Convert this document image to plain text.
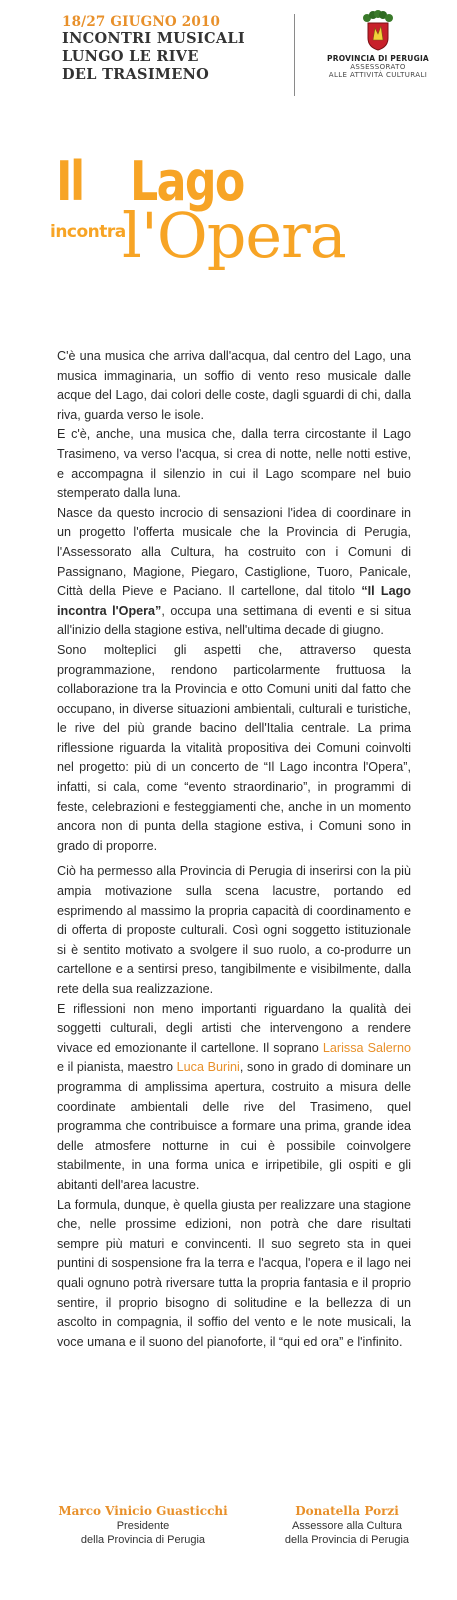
18/27 GIUGNO 2010
INCONTRI MUSICALI
LUNGO LE RIVE
DEL TRASIMENO
PROVINCIA DI PERUGIA
ASSESSORATO
ALLE ATTIVITÀ CULTURALI
Il Lago
incontra
l'Opera

C'è una musica che arriva dall'acqua, dal centro del Lago, una musica immaginaria, un soffio di vento reso musicale dalle acque del Lago, dai colori delle coste, dagli sguardi di chi, dalla riva, guarda verso le isole.

E c'è, anche, una musica che, dalla terra circostante il Lago Trasimeno, va verso l'acqua, si crea di notte, nelle notti estive, e accompagna il silenzio in cui il Lago scompare nel buio stemperato dalla luna.

Nasce da questo incrocio di sensazioni l'idea di coordinare in un progetto l'offerta musicale che la Provincia di Perugia, l'Assessorato alla Cultura, ha costruito con i Comuni di Passignano, Magione, Piegaro, Castiglione, Tuoro, Panicale, Città della Pieve e Paciano. Il cartellone, dal titolo “Il Lago incontra l'Opera”, occupa una settimana di eventi e si situa all'inizio della stagione estiva, nell'ultima decade di giugno.

Sono molteplici gli aspetti che, attraverso questa programmazione, rendono particolarmente fruttuosa la collaborazione tra la Provincia e otto Comuni uniti dal fatto che occupano, in diverse situazioni ambientali, culturali e turistiche, le rive del più grande bacino dell'Italia centrale. La prima riflessione riguarda la vitalità propositiva dei Comuni coinvolti nel progetto: più di un concerto de “Il Lago incontra l'Opera”, infatti, si cala, come “evento straordinario”, in programmi di feste, celebrazioni e festeggiamenti che, anche in un momento ancora non di punta della stagione estiva, i Comuni sono in grado di proporre.

Ciò ha permesso alla Provincia di Perugia di inserirsi con la più ampia motivazione sulla scena lacustre, portando ed esprimendo al massimo la propria capacità di coordinamento e di offerta di proposte culturali. Così ogni soggetto istituzionale si è sentito motivato a svolgere il suo ruolo, a co-produrre un cartellone e a sentirsi preso, tangibilmente e visibilmente, dalla rete della sua realizzazione.

E riflessioni non meno importanti riguardano la qualità dei soggetti culturali, degli artisti che intervengono a rendere vivace ed emozionante il cartellone. Il soprano Larissa Salerno e il pianista, maestro Luca Burini, sono in grado di dominare un programma di amplissima apertura, costruito a misura delle coordinate ambientali delle rive del Trasimeno, quel programma che contribuisce a formare una prima, grande idea delle atmosfere notturne in cui è possibile coinvolgere stabilmente, in una forma unica e irripetibile, gli ospiti e gli abitanti dell'area lacustre.

La formula, dunque, è quella giusta per realizzare una stagione che, nelle prossime edizioni, non potrà che dare risultati sempre più maturi e convincenti. Il suo segreto sta in quei puntini di sospensione fra la terra e l'acqua, l'opera e il lago nei quali ognuno potrà riversare tutta la propria fantasia e il proprio sentire, il proprio bisogno di solitudine e la bellezza di un ascolto in compagnia, il soffio del vento e le note musicali, la voce umana e il suono del pianoforte, il “qui ed ora” e l'infinito.

Marco Vinicio Guasticchi
Presidente
della Provincia di Perugia
Donatella Porzi
Assessore alla Cultura
della Provincia di Perugia
